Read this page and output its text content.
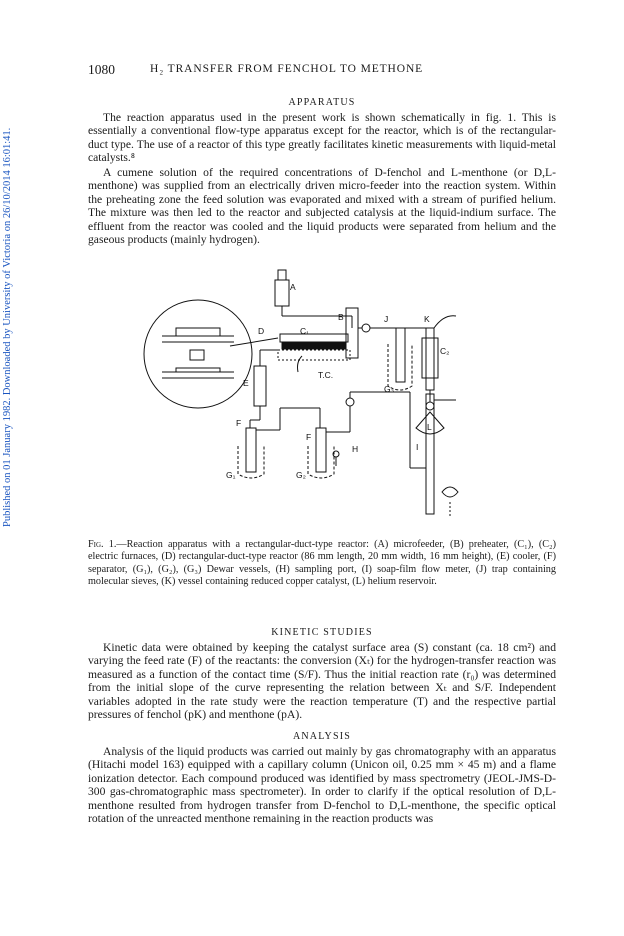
Published on 01 January 1982. Downloaded by University of Victoria on 26/10/2014 16:01:41.
1080	H₂ TRANSFER FROM FENCHOL TO METHONE
APPARATUS

The reaction apparatus used in the present work is shown schematically in fig. 1. This is essentially a conventional flow-type apparatus except for the reactor, which is of the rectangular-duct type. The use of a reactor of this type greatly facilitates kinetic measurements with liquid-metal catalysts.⁸

A cumene solution of the required concentrations of D-fenchol and L-menthone (or D,L-menthone) was supplied from an electrically driven micro-feeder into the reaction system. Within the preheating zone the feed solution was evaporated and mixed with a stream of purified helium. The mixture was then led to the reactor and subjected catalysis at the liquid-indium surface. The effluent from the reactor was cooled and the liquid products were separated from helium and the gaseous products (mainly hydrogen).

A
B
C₁
C₂
D
E
F
F
G₁	G₂
G₃
H	I
J	K
L
T.C.

Fig. 1.—Reaction apparatus with a rectangular-duct-type reactor: (A) microfeeder, (B) preheater, (C₁), (C₂) electric furnaces, (D) rectangular-duct-type reactor (86 mm length, 20 mm width, 16 mm height), (E) cooler, (F) separator, (G₁), (G₂), (G₃) Dewar vessels, (H) sampling port, (I) soap-film flow meter, (J) trap containing molecular sieves, (K) vessel containing reduced copper catalyst, (L) helium reservoir.

KINETIC STUDIES

Kinetic data were obtained by keeping the catalyst surface area (S) constant (ca. 18 cm²) and varying the feed rate (F) of the reactants: the conversion (Xₜ) for the hydrogen-transfer reaction was measured as a function of the contact time (S/F). Thus the initial reaction rate (r₀) was determined from the initial slope of the curve representing the relation between Xₜ and S/F. Independent variables adopted in the rate study were the reaction temperature (T) and the respective partial pressures of fenchol (pK) and menthone (pA).

ANALYSIS

Analysis of the liquid products was carried out mainly by gas chromatography with an apparatus (Hitachi model 163) equipped with a capillary column (Unicon oil, 0.25 mm × 45 m) and a flame ionization detector. Each compound produced was identified by mass spectrometry (JEOL-JMS-D-300 gas-chromatographic mass spectrometer). In order to clarify if the optical resolution of D,L-menthone resulted from hydrogen transfer from D-fenchol to D,L-menthone, the specific optical rotation of the unreacted menthone remaining in the reaction products was
